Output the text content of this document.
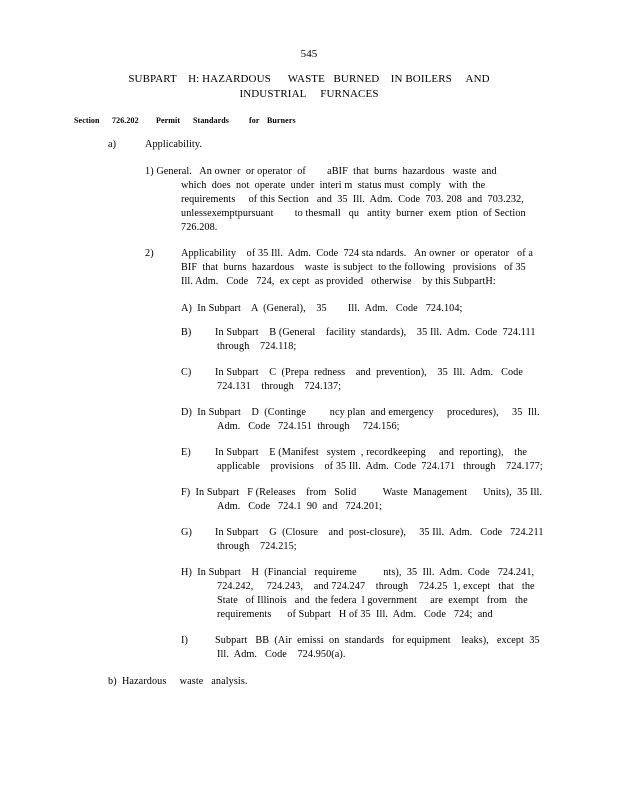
545
SUBPART    H: HAZARDOUS      WASTE   BURNED    IN BOILERS     AND
INDUSTRIAL     FURNACES
Section 726.202 Permit Standards for Burners
a)	Applicability.
1) General.   An owner  or operator  of        aBIF  that  burns  hazardous   waste  and
which  does  not  operate  under  interi m  status must  comply   with  the
requirements     of this Section   and  35  Ill.  Adm.  Code  703. 208  and  703.232,
unlessexemptpursuant        to thesmall   qu   antity  burner  exem  ption  of Section
726.208.
2)	Applicability    of 35 Ill.  Adm.  Code  724 sta ndards.   An owner  or  operator   of a
BIF  that  burns  hazardous    waste  is subject  to the following   provisions   of 35
Ill. Adm.   Code   724,  ex cept  as provided   otherwise    by this SubpartH:
A)  In Subpart    A  (General),    35        Ill.  Adm.   Code   724.104;
B) In Subpart    B (General    facility  standards),    35 Ill.  Adm.  Code  724.111
through    724.118;
C) In Subpart    C  (Prepa  redness    and  prevention),    35  Ill.  Adm.   Code
724.131    through    724.137;
D)  In Subpart    D  (Continge         ncy plan  and emergency     procedures),     35  Ill.
Adm.   Code   724.151  through     724.156;
E) In Subpart    E (Manifest   system  , recordkeeping     and  reporting),    the
applicable    provisions    of 35 Ill.  Adm.  Code  724.171   through    724.177;
F)  In Subpart   F (Releases    from   Solid          Waste  Management      Units),  35 Ill.
Adm.   Code   724.1  90  and   724.201;
G) In Subpart    G  (Closure    and  post-closure),     35 Ill.  Adm.   Code   724.211
through    724.215;
H)  In Subpart    H  (Financial   requireme          nts),  35  Ill.  Adm.  Code   724.241,
724.242,     724.243,    and 724.247    through    724.25  1, except   that   the
State   of Illinois   and  the federa  l government     are  exempt   from   the
requirements      of Subpart   H of 35  Ill.  Adm.   Code   724;  and
I)	Subpart   BB  (Air  emissi  on  standards   for equipment    leaks),   except  35
Ill.  Adm.   Code    724.950(a).
b)  Hazardous     waste   analysis.
